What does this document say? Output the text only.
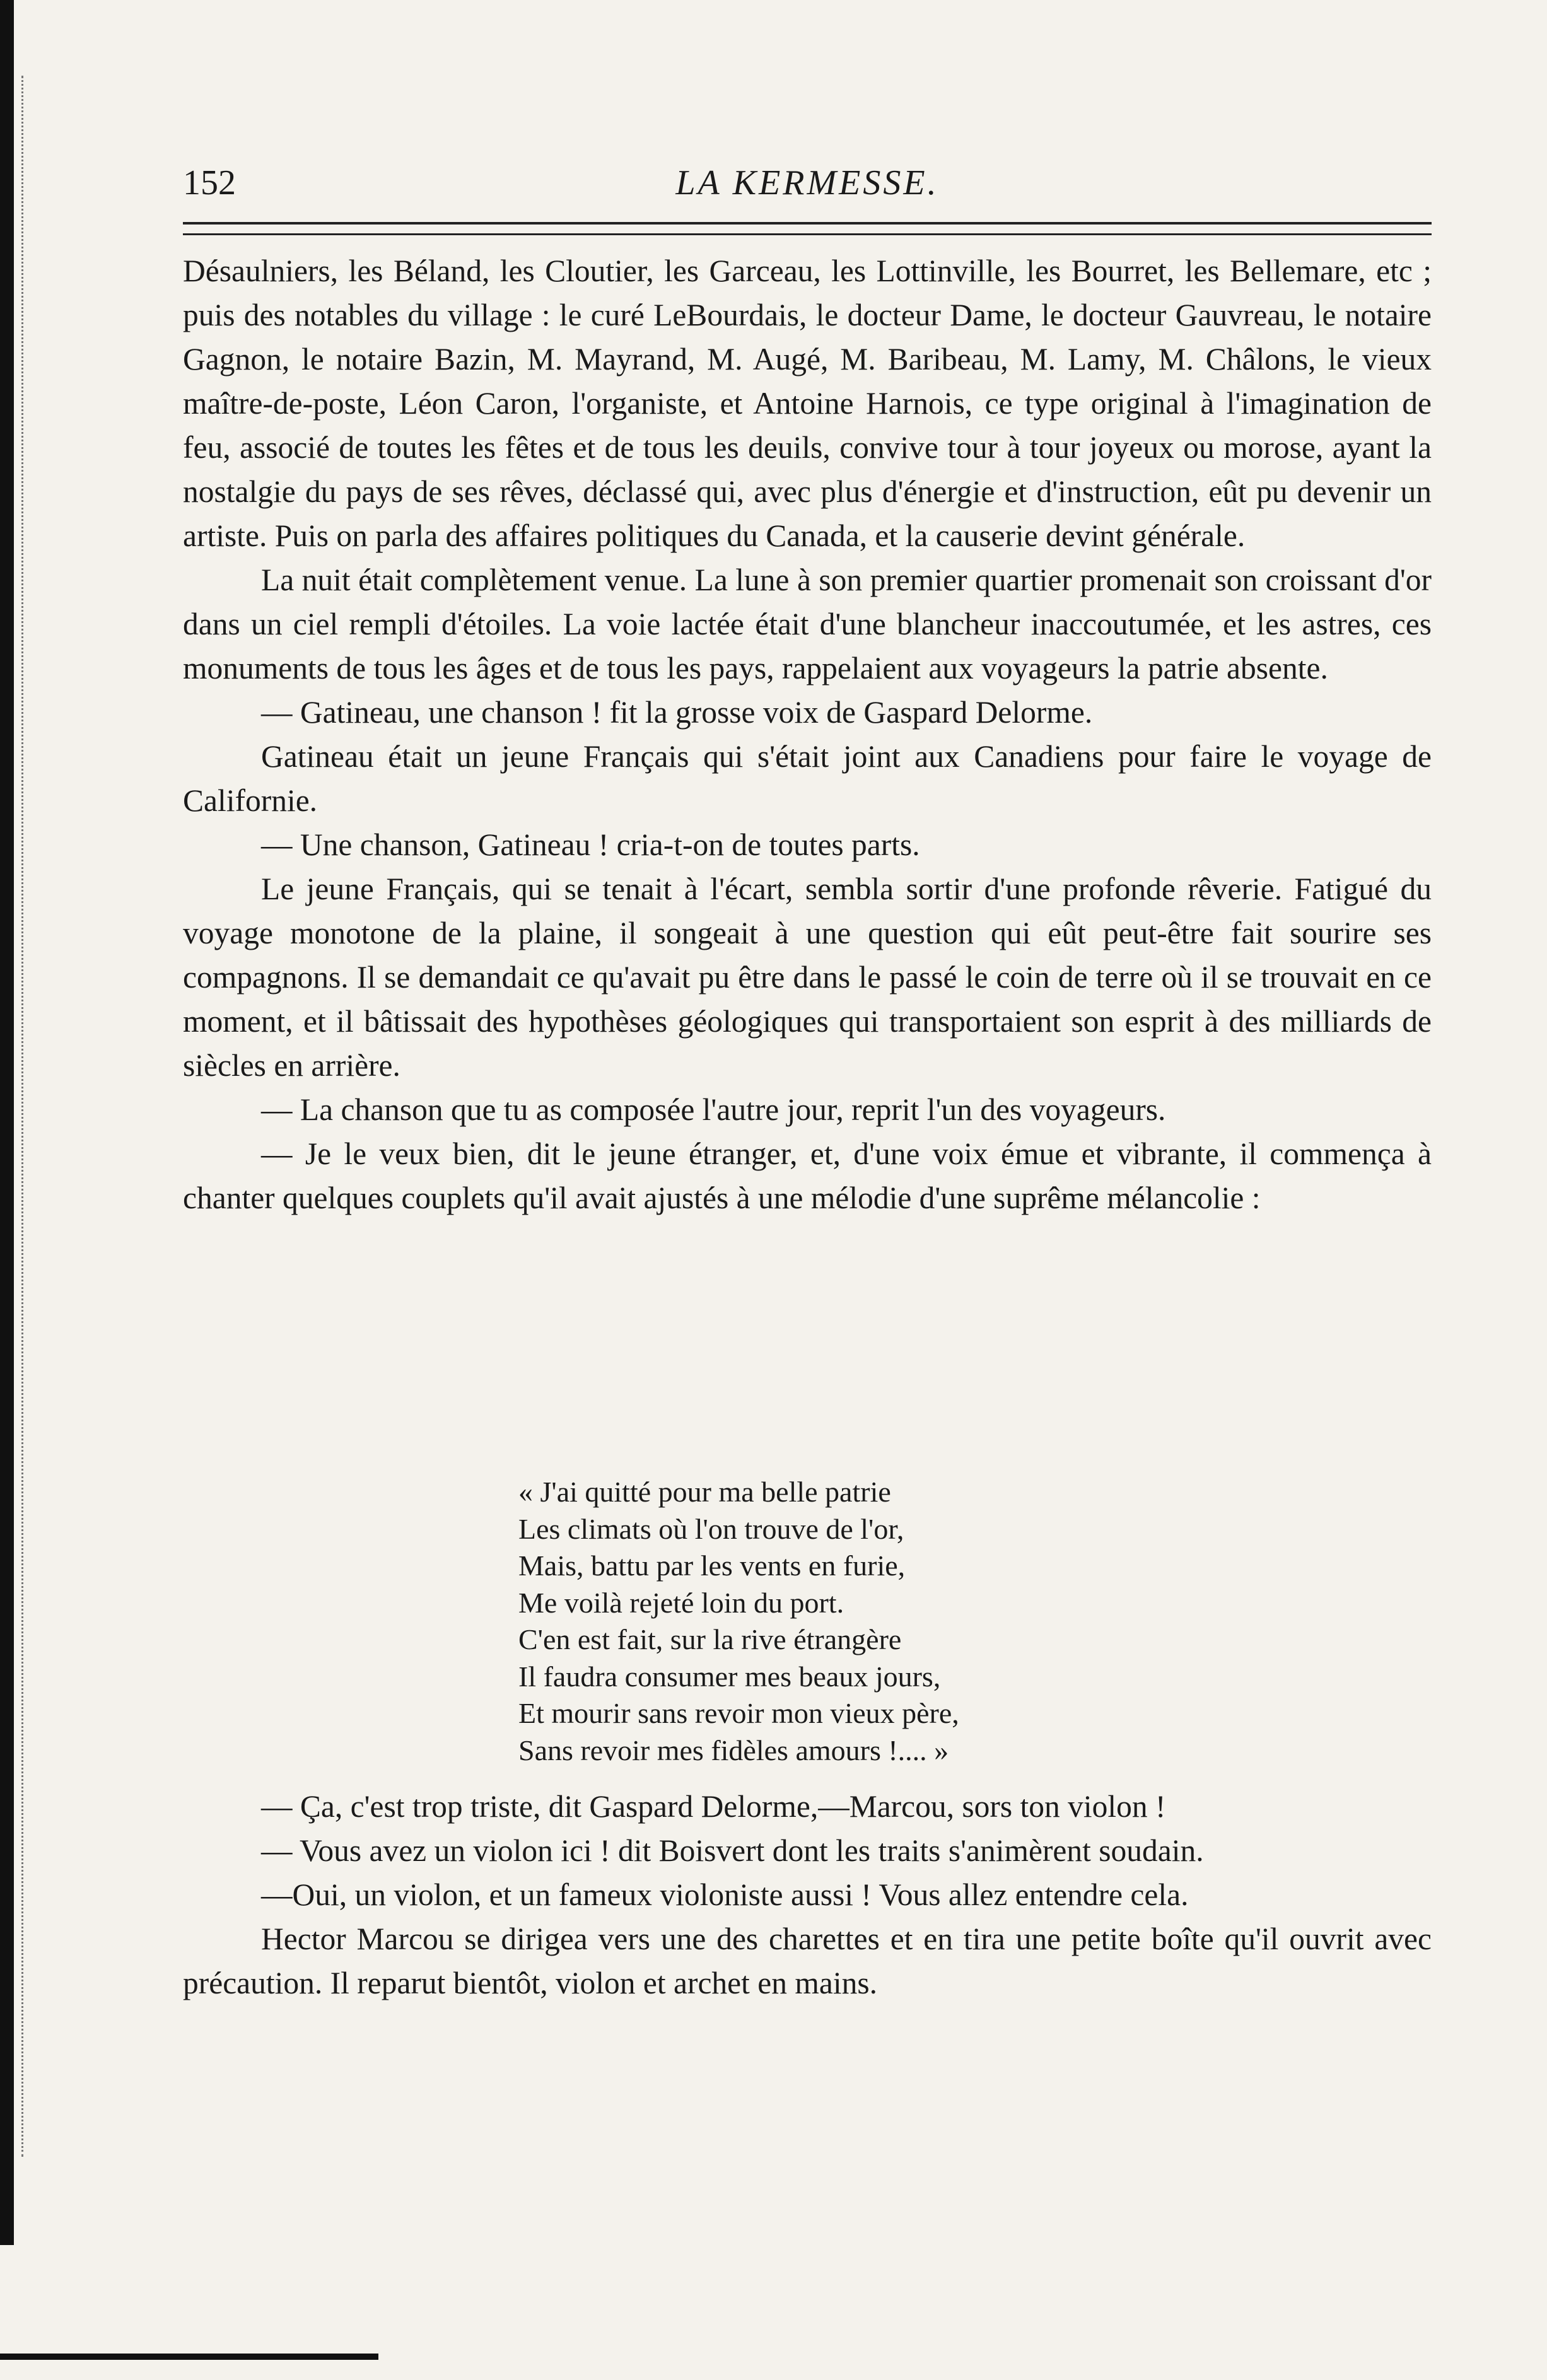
152	LA KERMESSE.

Désaulniers, les Béland, les Cloutier, les Garceau, les Lottinville, les Bourret, les Bellemare, etc ; puis des notables du village : le curé LeBourdais, le docteur Dame, le docteur Gauvreau, le notaire Gagnon, le notaire Bazin, M. Mayrand, M. Augé, M. Baribeau, M. Lamy, M. Châlons, le vieux maître-de-poste, Léon Caron, l'organiste, et Antoine Harnois, ce type original à l'imagination de feu, associé de toutes les fêtes et de tous les deuils, convive tour à tour joyeux ou morose, ayant la nostalgie du pays de ses rêves, déclassé qui, avec plus d'énergie et d'instruction, eût pu devenir un artiste. Puis on parla des affaires politiques du Canada, et la causerie devint générale.

La nuit était complètement venue. La lune à son premier quartier promenait son croissant d'or dans un ciel rempli d'étoiles. La voie lactée était d'une blancheur inaccoutumée, et les astres, ces monuments de tous les âges et de tous les pays, rappelaient aux voyageurs la patrie absente.

— Gatineau, une chanson ! fit la grosse voix de Gaspard Delorme.

Gatineau était un jeune Français qui s'était joint aux Canadiens pour faire le voyage de Californie.

— Une chanson, Gatineau ! cria-t-on de toutes parts.

Le jeune Français, qui se tenait à l'écart, sembla sortir d'une profonde rêverie. Fatigué du voyage monotone de la plaine, il songeait à une question qui eût peut-être fait sourire ses compagnons. Il se demandait ce qu'avait pu être dans le passé le coin de terre où il se trouvait en ce moment, et il bâtissait des hypothèses géologiques qui transportaient son esprit à des milliards de siècles en arrière.

— La chanson que tu as composée l'autre jour, reprit l'un des voyageurs.

— Je le veux bien, dit le jeune étranger, et, d'une voix émue et vibrante, il commença à chanter quelques couplets qu'il avait ajustés à une mélodie d'une suprême mélancolie :

« J'ai quitté pour ma belle patrie
Les climats où l'on trouve de l'or,
Mais, battu par les vents en furie,
Me voilà rejeté loin du port.
C'en est fait, sur la rive étrangère
Il faudra consumer mes beaux jours,
Et mourir sans revoir mon vieux père,
Sans revoir mes fidèles amours !.... »

— Ça, c'est trop triste, dit Gaspard Delorme,—Marcou, sors ton violon !

— Vous avez un violon ici ! dit Boisvert dont les traits s'animèrent soudain.

—Oui, un violon, et un fameux violoniste aussi ! Vous allez entendre cela.

Hector Marcou se dirigea vers une des charettes et en tira une petite boîte qu'il ouvrit avec précaution. Il reparut bientôt, violon et archet en mains.
